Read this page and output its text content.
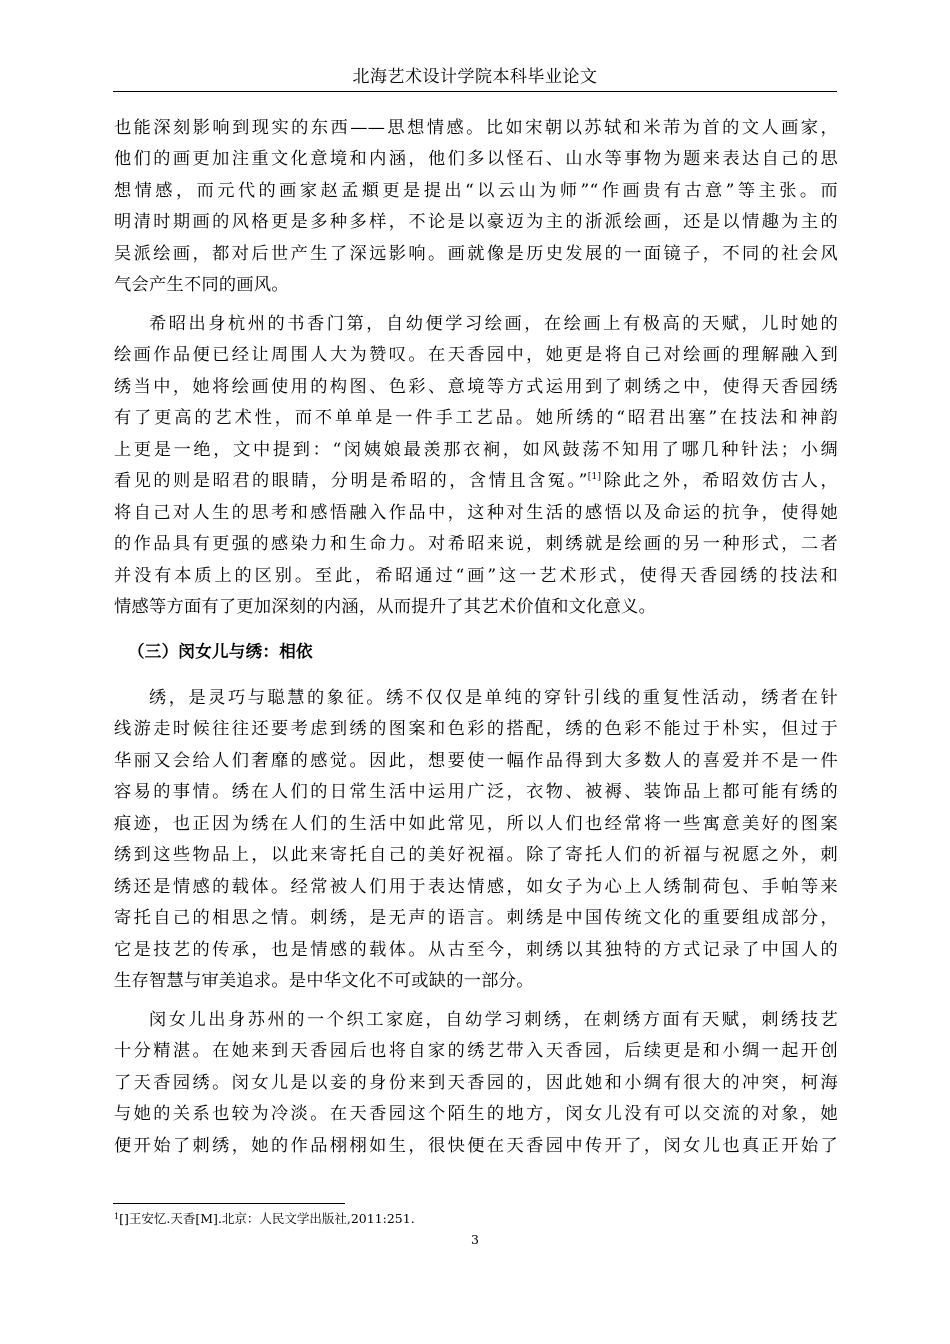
北海艺术设计学院本科毕业论文
也能深刻影响到现实的东西——思想情感。比如宋朝以苏轼和米芾为首的文人画家，
他们的画更加注重文化意境和内涵，他们多以怪石、山水等事物为题来表达自己的思
想情感，而元代的画家赵孟頫更是提出“以云山为师”“作画贵有古意”等主张。而
明清时期画的风格更是多种多样，不论是以豪迈为主的浙派绘画，还是以情趣为主的
吴派绘画，都对后世产生了深远影响。画就像是历史发展的一面镜子，不同的社会风
气会产生不同的画风。
希昭出身杭州的书香门第，自幼便学习绘画，在绘画上有极高的天赋，儿时她的
绘画作品便已经让周围人大为赞叹。在天香园中，她更是将自己对绘画的理解融入到
绣当中，她将绘画使用的构图、色彩、意境等方式运用到了刺绣之中，使得天香园绣
有了更高的艺术性，而不单单是一件手工艺品。她所绣的“昭君出塞”在技法和神韵
上更是一绝，文中提到：“闵姨娘最羡那衣裥，如风鼓荡不知用了哪几种针法；小绸
看见的则是昭君的眼睛，分明是希昭的，含情且含冤。”[1]除此之外，希昭效仿古人，
将自己对人生的思考和感悟融入作品中，这种对生活的感悟以及命运的抗争，使得她
的作品具有更强的感染力和生命力。对希昭来说，刺绣就是绘画的另一种形式，二者
并没有本质上的区别。至此，希昭通过“画”这一艺术形式，使得天香园绣的技法和
情感等方面有了更加深刻的内涵，从而提升了其艺术价值和文化意义。
（三）闵女儿与绣：相依
绣，是灵巧与聪慧的象征。绣不仅仅是单纯的穿针引线的重复性活动，绣者在针
线游走时候往往还要考虑到绣的图案和色彩的搭配，绣的色彩不能过于朴实，但过于
华丽又会给人们奢靡的感觉。因此，想要使一幅作品得到大多数人的喜爱并不是一件
容易的事情。绣在人们的日常生活中运用广泛，衣物、被褥、装饰品上都可能有绣的
痕迹，也正因为绣在人们的生活中如此常见，所以人们也经常将一些寓意美好的图案
绣到这些物品上，以此来寄托自己的美好祝福。除了寄托人们的祈福与祝愿之外，刺
绣还是情感的载体。经常被人们用于表达情感，如女子为心上人绣制荷包、手帕等来
寄托自己的相思之情。刺绣，是无声的语言。刺绣是中国传统文化的重要组成部分，
它是技艺的传承，也是情感的载体。从古至今，刺绣以其独特的方式记录了中国人的
生存智慧与审美追求。是中华文化不可或缺的一部分。
闵女儿出身苏州的一个织工家庭，自幼学习刺绣，在刺绣方面有天赋，刺绣技艺
十分精湛。在她来到天香园后也将自家的绣艺带入天香园，后续更是和小绸一起开创
了天香园绣。闵女儿是以妾的身份来到天香园的，因此她和小绸有很大的冲突，柯海
与她的关系也较为冷淡。在天香园这个陌生的地方，闵女儿没有可以交流的对象，她
便开始了刺绣，她的作品栩栩如生，很快便在天香园中传开了，闵女儿也真正开始了
$^1$[]王安忆.天香[M].北京：人民文学出版社,2011:251.
3
